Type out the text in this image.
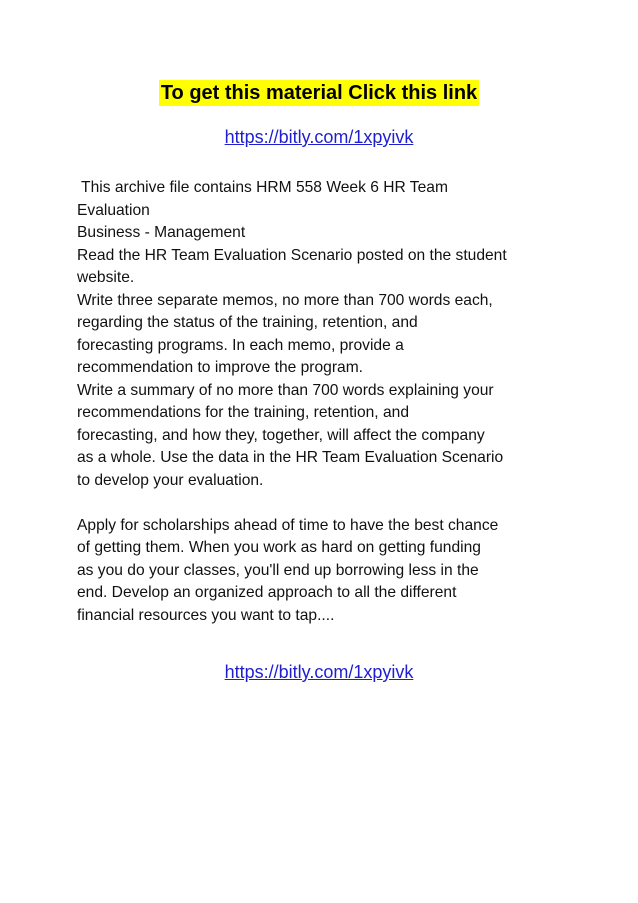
To get this material Click this link
https://bitly.com/1xpyivk
This archive file contains HRM 558 Week 6 HR Team
Evaluation
Business - Management
Read the HR Team Evaluation Scenario posted on the student
website.
Write three separate memos, no more than 700 words each,
regarding the status of the training, retention, and
forecasting programs. In each memo, provide a
recommendation to improve the program.
Write a summary of no more than 700 words explaining your
recommendations for the training, retention, and
forecasting, and how they, together, will affect the company
as a whole. Use the data in the HR Team Evaluation Scenario
to develop your evaluation.
Apply for scholarships ahead of time to have the best chance
of getting them. When you work as hard on getting funding
as you do your classes, you'll end up borrowing less in the
end. Develop an organized approach to all the different
financial resources you want to tap....
https://bitly.com/1xpyivk
